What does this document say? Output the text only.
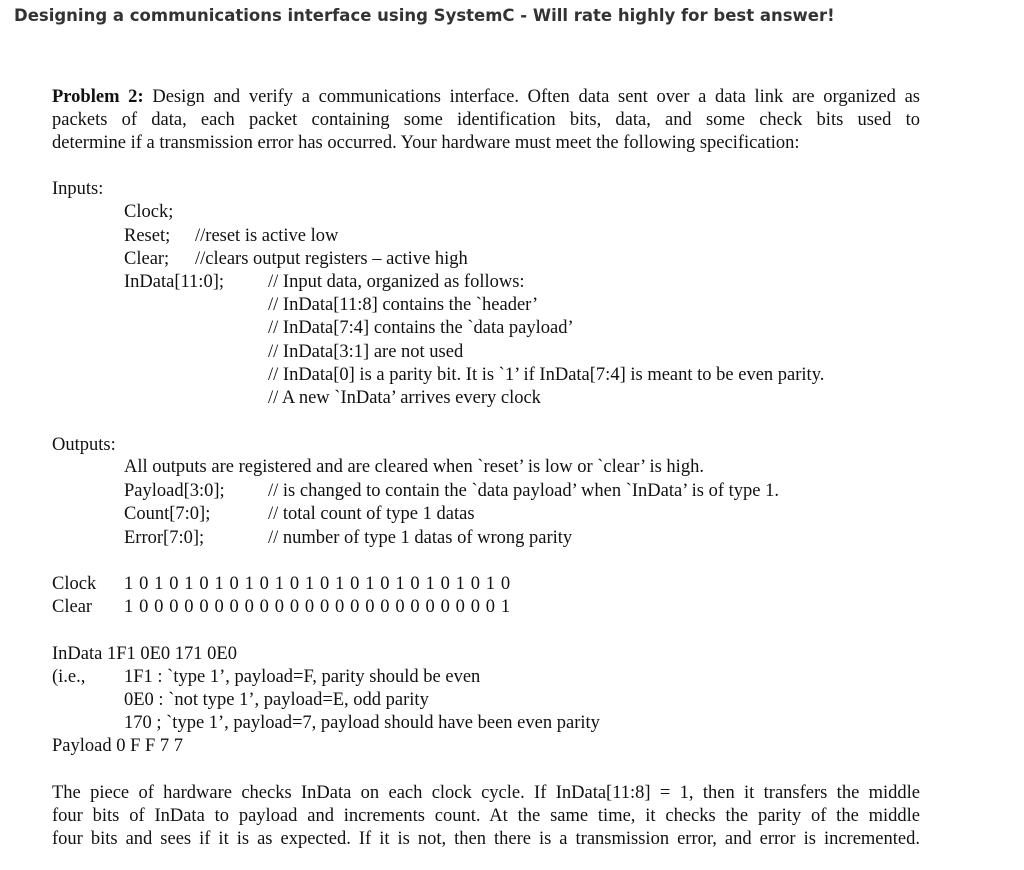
Designing a communications interface using SystemC - Will rate highly for best answer!
Problem 2: Design and verify a communications interface. Often data sent over a data link are organized as
packets of data, each packet containing some identification bits, data, and some check bits used to
determine if a transmission error has occurred. Your hardware must meet the following specification:
Inputs:
Clock;
Reset; //reset is active low
Clear; //clears output registers – active high
InData[11:0]; // Input data, organized as follows:
// InData[11:8] contains the `header’
// InData[7:4] contains the `data payload’
// InData[3:1] are not used
// InData[0] is a parity bit. It is `1’ if InData[7:4] is meant to be even parity.
// A new `InData’ arrives every clock
Outputs:
All outputs are registered and are cleared when `reset’ is low or `clear’ is high.
Payload[3:0]; // is changed to contain the `data payload’ when `InData’ is of type 1.
Count[7:0];	// total count of type 1 datas
Error[7:0];	// number of type 1 datas of wrong parity
Clock 1 0 1 0 1 0 1 0 1 0 1 0 1 0 1 0 1 0 1 0 1 0 1 0 1 0
Clear 1 0 0 0 0 0 0 0 0 0 0 0 0 0 0 0 0 0 0 0 0 0 0 0 0 1
InData 1F1 0E0 171 0E0
(i.e., 1F1 : `type 1’, payload=F, parity should be even
0E0 : `not type 1’, payload=E, odd parity
170 ; `type 1’, payload=7, payload should have been even parity
Payload 0 F F 7 7
The piece of hardware checks InData on each clock cycle. If InData[11:8] = 1, then it transfers the middle
four bits of InData to payload and increments count. At the same time, it checks the parity of the middle
four bits and sees if it is as expected. If it is not, then there is a transmission error, and error is incremented.
